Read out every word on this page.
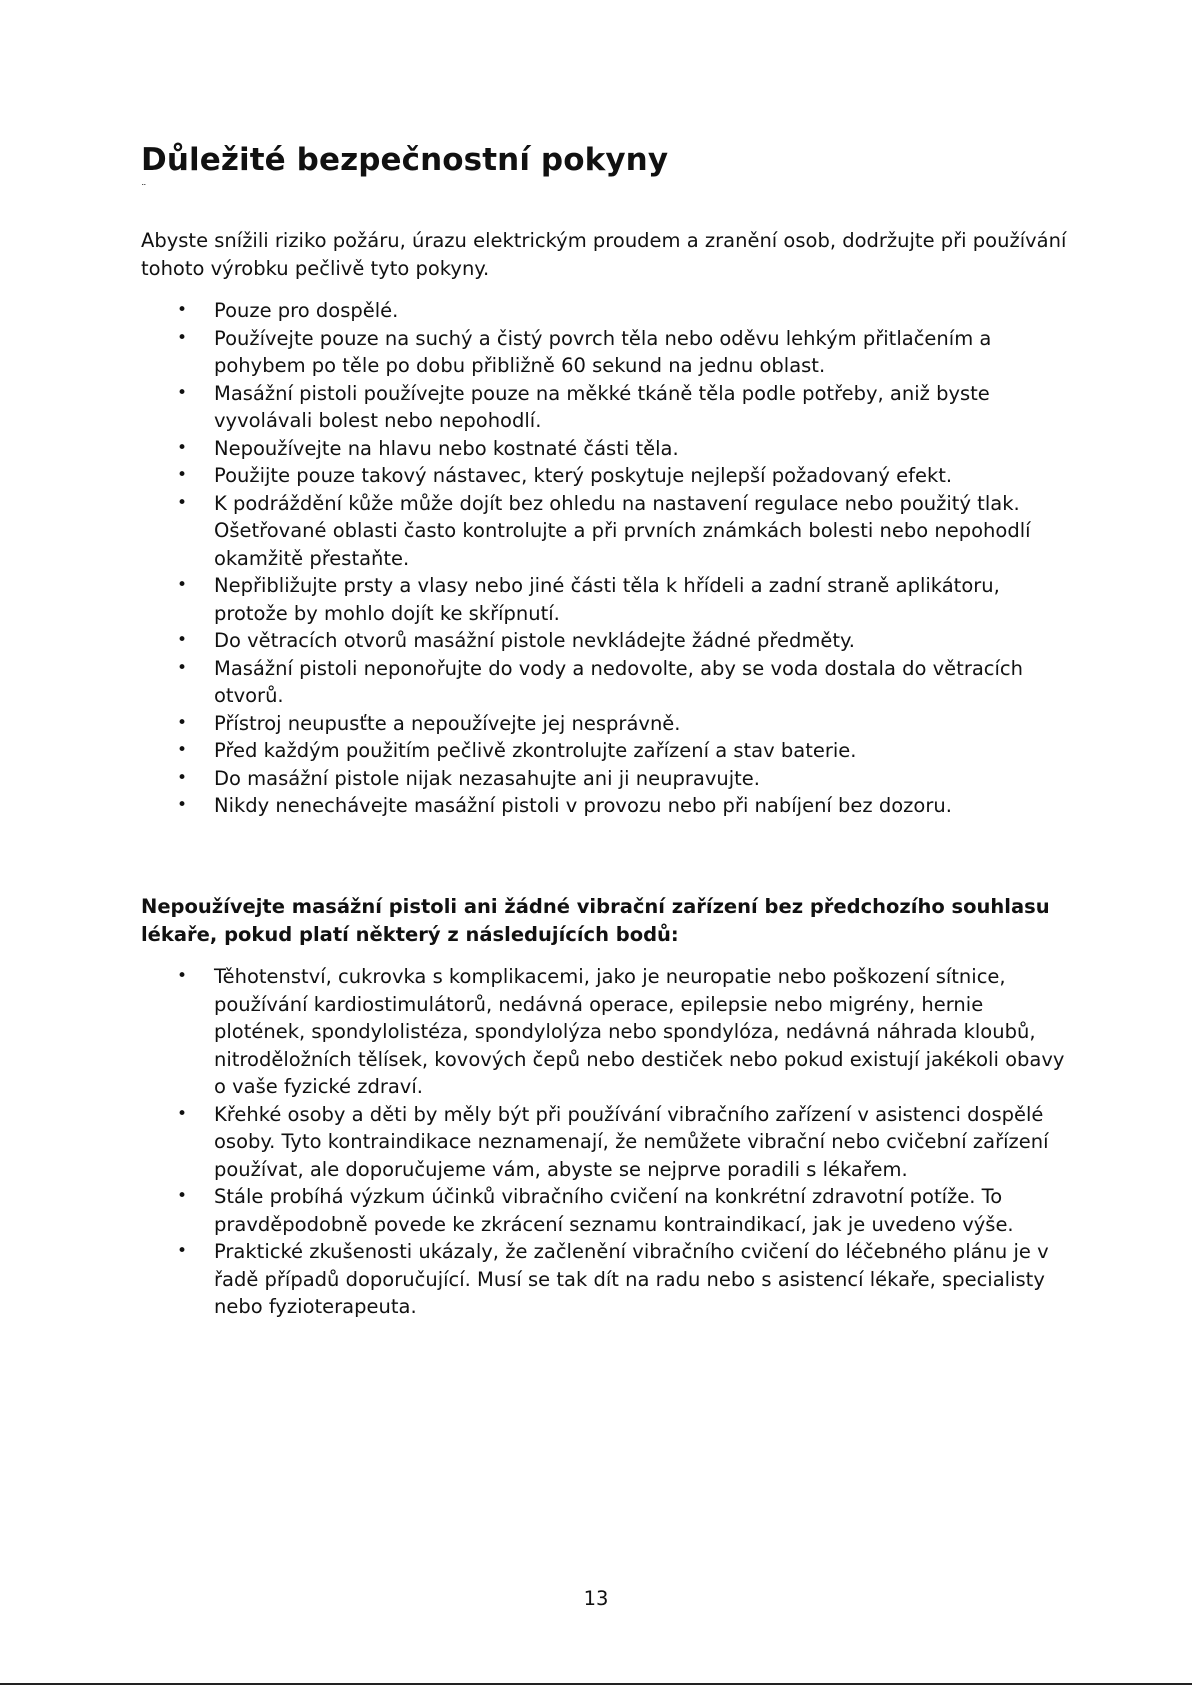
Důležité bezpečnostní pokyny
¨

Abyste snížili riziko požáru, úrazu elektrickým proudem a zranění osob, dodržujte při používání tohoto výrobku pečlivě tyto pokyny.

• Pouze pro dospělé.
• Používejte pouze na suchý a čistý povrch těla nebo oděvu lehkým přitlačením a pohybem po těle po dobu přibližně 60 sekund na jednu oblast.
• Masážní pistoli používejte pouze na měkké tkáně těla podle potřeby, aniž byste vyvolávali bolest nebo nepohodlí.
• Nepoužívejte na hlavu nebo kostnaté části těla.
• Použijte pouze takový nástavec, který poskytuje nejlepší požadovaný efekt.
• K podráždění kůže může dojít bez ohledu na nastavení regulace nebo použitý tlak. Ošetřované oblasti často kontrolujte a při prvních známkách bolesti nebo nepohodlí okamžitě přestaňte.
• Nepřibližujte prsty a vlasy nebo jiné části těla k hřídeli a zadní straně aplikátoru, protože by mohlo dojít ke skřípnutí.
• Do větracích otvorů masážní pistole nevkládejte žádné předměty.
• Masážní pistoli neponořujte do vody a nedovolte, aby se voda dostala do větracích otvorů.
• Přístroj neupusťte a nepoužívejte jej nesprávně.
• Před každým použitím pečlivě zkontrolujte zařízení a stav baterie.
• Do masážní pistole nijak nezasahujte ani ji neupravujte.
• Nikdy nenechávejte masážní pistoli v provozu nebo při nabíjení bez dozoru.

Nepoužívejte masážní pistoli ani žádné vibrační zařízení bez předchozího souhlasu lékaře, pokud platí některý z následujících bodů:

• Těhotenství, cukrovka s komplikacemi, jako je neuropatie nebo poškození sítnice, používání kardiostimulátorů, nedávná operace, epilepsie nebo migrény, hernie plotének, spondylolistéza, spondylolýza nebo spondylóza, nedávná náhrada kloubů, nitroděložních tělísek, kovových čepů nebo destiček nebo pokud existují jakékoli obavy o vaše fyzické zdraví.
• Křehké osoby a děti by měly být při používání vibračního zařízení v asistenci dospělé osoby. Tyto kontraindikace neznamenají, že nemůžete vibrační nebo cvičební zařízení používat, ale doporučujeme vám, abyste se nejprve poradili s lékařem.
• Stále probíhá výzkum účinků vibračního cvičení na konkrétní zdravotní potíže. To pravděpodobně povede ke zkrácení seznamu kontraindikací, jak je uvedeno výše.
• Praktické zkušenosti ukázaly, že začlenění vibračního cvičení do léčebného plánu je v řadě případů doporučující. Musí se tak dít na radu nebo s asistencí lékaře, specialisty nebo fyzioterapeuta.
13
